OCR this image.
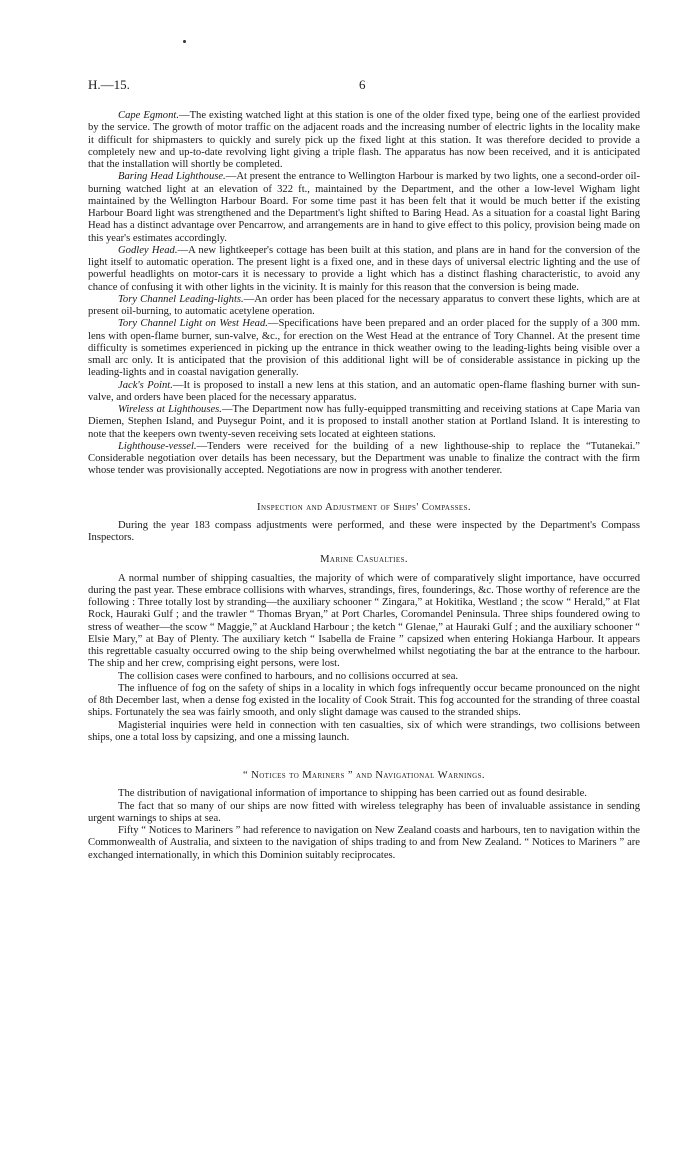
H.—15.	6

Cape Egmont.—The existing watched light at this station is one of the older fixed type, being one of the earliest provided by the service. The growth of motor traffic on the adjacent roads and the increasing number of electric lights in the locality make it difficult for shipmasters to quickly and surely pick up the fixed light at this station. It was therefore decided to provide a completely new and up-to-date revolving light giving a triple flash. The apparatus has now been received, and it is anticipated that the installation will shortly be completed.

Baring Head Lighthouse.—At present the entrance to Wellington Harbour is marked by two lights, one a second-order oil-burning watched light at an elevation of 322 ft., maintained by the Department, and the other a low-level Wigham light maintained by the Wellington Harbour Board. For some time past it has been felt that it would be much better if the existing Harbour Board light was strengthened and the Department's light shifted to Baring Head. As a situation for a coastal light Baring Head has a distinct advantage over Pencarrow, and arrangements are in hand to give effect to this policy, provision being made on this year's estimates accordingly.

Godley Head.—A new lightkeeper's cottage has been built at this station, and plans are in hand for the conversion of the light itself to automatic operation. The present light is a fixed one, and in these days of universal electric lighting and the use of powerful headlights on motor-cars it is necessary to provide a light which has a distinct flashing characteristic, to avoid any chance of confusing it with other lights in the vicinity. It is mainly for this reason that the conversion is being made.

Tory Channel Leading-lights.—An order has been placed for the necessary apparatus to convert these lights, which are at present oil-burning, to automatic acetylene operation.

Tory Channel Light on West Head.—Specifications have been prepared and an order placed for the supply of a 300 mm. lens with open-flame burner, sun-valve, &c., for erection on the West Head at the entrance of Tory Channel. At the present time difficulty is sometimes experienced in picking up the entrance in thick weather owing to the leading-lights being visible over a small arc only. It is anticipated that the provision of this additional light will be of considerable assistance in picking up the leading-lights and in coastal navigation generally.

Jack's Point.—It is proposed to install a new lens at this station, and an automatic open-flame flashing burner with sun-valve, and orders have been placed for the necessary apparatus.

Wireless at Lighthouses.—The Department now has fully-equipped transmitting and receiving stations at Cape Maria van Diemen, Stephen Island, and Puysegur Point, and it is proposed to install another station at Portland Island. It is interesting to note that the keepers own twenty-seven receiving sets located at eighteen stations.

Lighthouse-vessel.—Tenders were received for the building of a new lighthouse-ship to replace the “Tutanekai.” Considerable negotiation over details has been necessary, but the Department was unable to finalize the contract with the firm whose tender was provisionally accepted. Negotiations are now in progress with another tenderer.

Inspection and Adjustment of Ships' Compasses.

During the year 183 compass adjustments were performed, and these were inspected by the Department's Compass Inspectors.

Marine Casualties.

A normal number of shipping casualties, the majority of which were of comparatively slight importance, have occurred during the past year. These embrace collisions with wharves, strandings, fires, founderings, &c. Those worthy of reference are the following : Three totally lost by stranding—the auxiliary schooner “ Zingara,” at Hokitika, Westland ; the scow “ Herald,” at Flat Rock, Hauraki Gulf ; and the trawler “ Thomas Bryan,” at Port Charles, Coromandel Peninsula. Three ships foundered owing to stress of weather—the scow “ Maggie,” at Auckland Harbour ; the ketch “ Glenae,” at Hauraki Gulf ; and the auxiliary schooner “ Elsie Mary,” at Bay of Plenty. The auxiliary ketch “ Isabella de Fraine ” capsized when entering Hokianga Harbour. It appears this regrettable casualty occurred owing to the ship being overwhelmed whilst negotiating the bar at the entrance to the harbour. The ship and her crew, comprising eight persons, were lost.

The collision cases were confined to harbours, and no collisions occurred at sea.

The influence of fog on the safety of ships in a locality in which fogs infrequently occur became pronounced on the night of 8th December last, when a dense fog existed in the locality of Cook Strait. This fog accounted for the stranding of three coastal ships. Fortunately the sea was fairly smooth, and only slight damage was caused to the stranded ships.

Magisterial inquiries were held in connection with ten casualties, six of which were strandings, two collisions between ships, one a total loss by capsizing, and one a missing launch.

“ Notices to Mariners ” and Navigational Warnings.

The distribution of navigational information of importance to shipping has been carried out as found desirable.

The fact that so many of our ships are now fitted with wireless telegraphy has been of invaluable assistance in sending urgent warnings to ships at sea.

Fifty “ Notices to Mariners ” had reference to navigation on New Zealand coasts and harbours, ten to navigation within the Commonwealth of Australia, and sixteen to the navigation of ships trading to and from New Zealand. “ Notices to Mariners ” are exchanged internationally, in which this Dominion suitably reciprocates.
